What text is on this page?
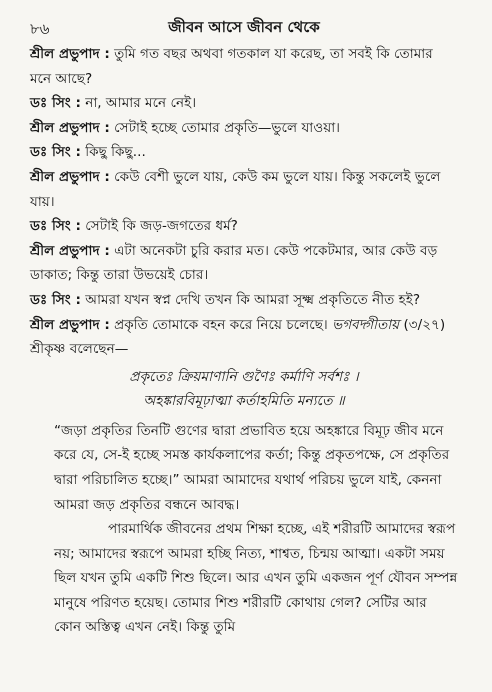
৮৬	জীবন আসে জীবন থেকে

শ্রীল প্রভুপাদ : তুমি গত বছর অথবা গতকাল যা করেছ, তা সবই কি তোমার মনে আছে?

ডঃ সিং : না, আমার মনে নেই।

শ্রীল প্রভুপাদ : সেটাই হচ্ছে তোমার প্রকৃতি—ভুলে যাওয়া।

ডঃ সিং : কিছু কিছু...

শ্রীল প্রভুপাদ : কেউ বেশী ভুলে যায়, কেউ কম ভুলে যায়। কিন্তু সকলেই ভুলে যায়।

ডঃ সিং : সেটাই কি জড়-জগতের ধর্ম?

শ্রীল প্রভুপাদ : এটা অনেকটা চুরি করার মত। কেউ পকেটমার, আর কেউ বড় ডাকাত; কিন্তু তারা উভয়েই চোর।

ডঃ সিং : আমরা যখন স্বপ্ন দেখি তখন কি আমরা সূক্ষ্ম প্রকৃতিতে নীত হই?

শ্রীল প্রভুপাদ : প্রকৃতি তোমাকে বহন করে নিয়ে চলেছে। ভগবদ্গীতায় (৩/২৭) শ্রীকৃষ্ণ বলেছেন—

প্রকৃতেঃ ক্রিয়মাণানি গুণৈঃ কর্মাণি সর্বশঃ ।
অহঙ্কারবিমূঢ়াত্মা কর্তাহমিতি মন্যতে ॥

“জড়া প্রকৃতির তিনটি গুণের দ্বারা প্রভাবিত হয়ে অহঙ্কারে বিমূঢ় জীব মনে করে যে, সে-ই হচ্ছে সমস্ত কার্যকলাপের কর্তা; কিন্তু প্রকৃতপক্ষে, সে প্রকৃতির দ্বারা পরিচালিত হচ্ছে।” আমরা আমাদের যথার্থ পরিচয় ভুলে যাই, কেননা আমরা জড় প্রকৃতির বন্ধনে আবদ্ধ।

পারমার্থিক জীবনের প্রথম শিক্ষা হচ্ছে, এই শরীরটি আমাদের স্বরূপ নয়; আমাদের স্বরূপে আমরা হচ্ছি নিত্য, শাশ্বত, চিন্ময় আত্মা। একটা সময় ছিল যখন তুমি একটি শিশু ছিলে। আর এখন তুমি একজন পূর্ণ যৌবন সম্পন্ন মানুষে পরিণত হয়েছ। তোমার শিশু শরীরটি কোথায় গেল? সেটির আর কোন অস্তিত্ব এখন নেই। কিন্তু তুমি
